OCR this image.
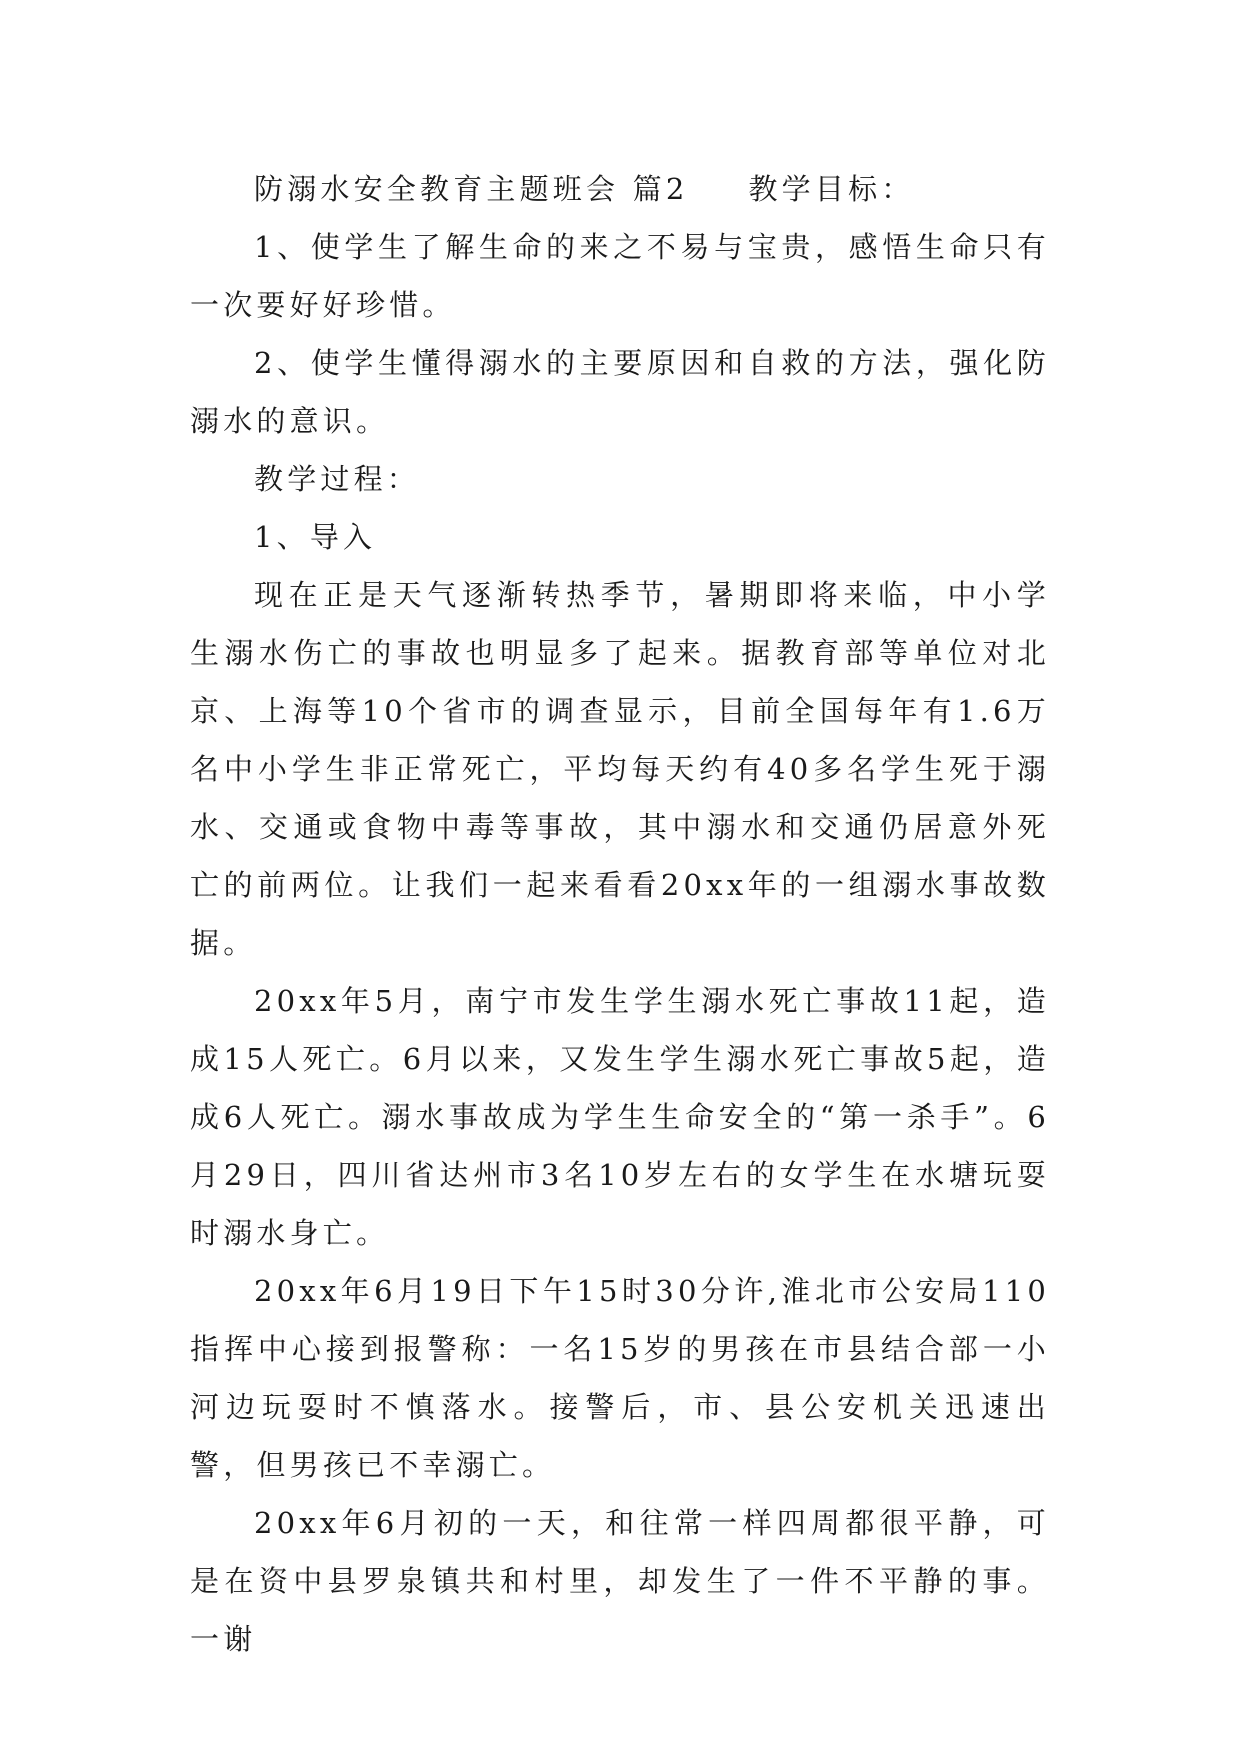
防溺水安全教育主题班会 篇2 教学目标：

1、使学生了解生命的来之不易与宝贵，感悟生命只有一次要好好珍惜。

2、使学生懂得溺水的主要原因和自救的方法，强化防溺水的意识。

教学过程：

1、导入

现在正是天气逐渐转热季节，暑期即将来临，中小学生溺水伤亡的事故也明显多了起来。据教育部等单位对北京、上海等10个省市的调查显示，目前全国每年有1.6万名中小学生非正常死亡，平均每天约有40多名学生死于溺水、交通或食物中毒等事故，其中溺水和交通仍居意外死亡的前两位。让我们一起来看看20xx年的一组溺水事故数据。

20xx年5月，南宁市发生学生溺水死亡事故11起，造成15人死亡。6月以来，又发生学生溺水死亡事故5起，造成6人死亡。溺水事故成为学生生命安全的“第一杀手”。6月29日，四川省达州市3名10岁左右的女学生在水塘玩耍时溺水身亡。

20xx年6月19日下午15时30分许,淮北市公安局110指挥中心接到报警称：一名15岁的男孩在市县结合部一小河边玩耍时不慎落水。接警后，市、县公安机关迅速出警，但男孩已不幸溺亡。

20xx年6月初的一天，和往常一样四周都很平静，可是在资中县罗泉镇共和村里，却发生了一件不平静的事。一谢
